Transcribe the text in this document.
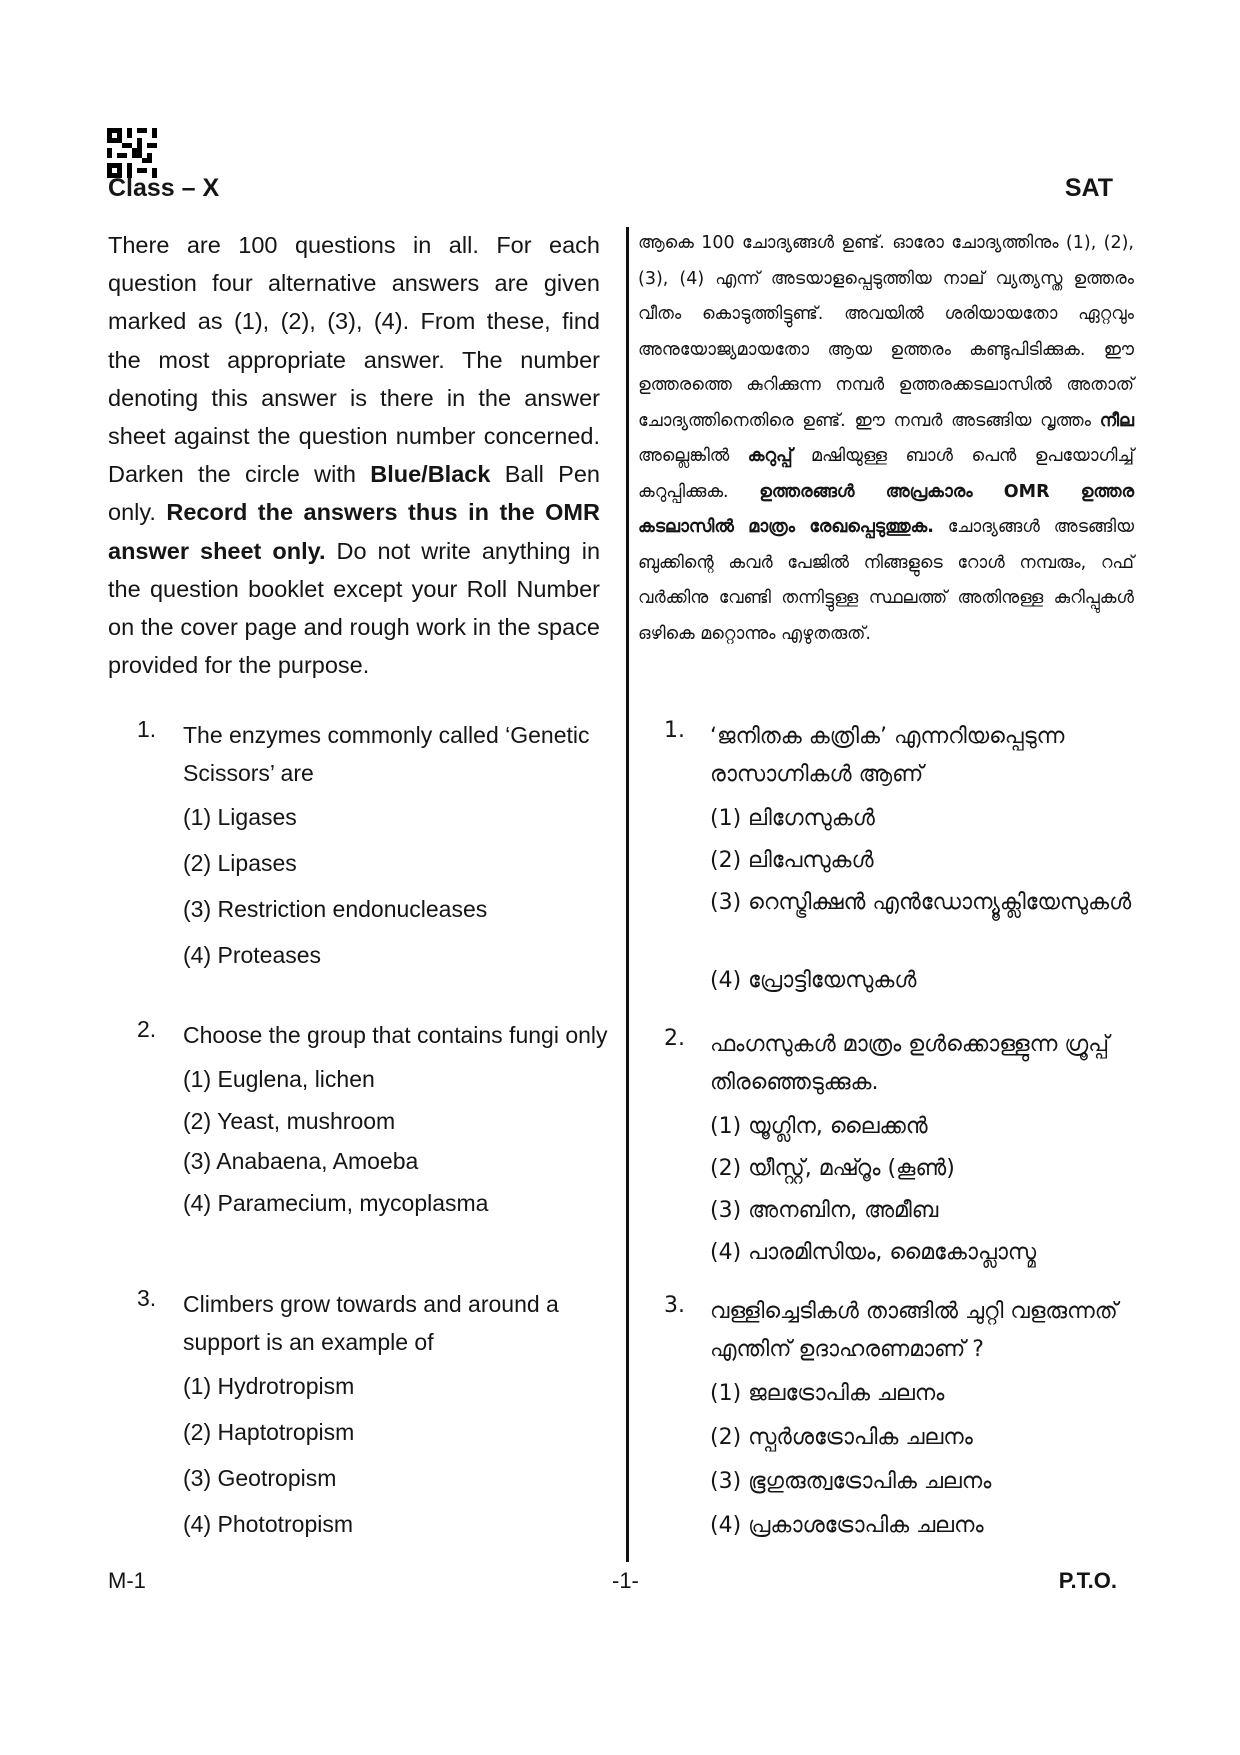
Class – X	SAT

There are 100 questions in all. For each question four alternative answers are given marked as (1), (2), (3), (4). From these, find the most appropriate answer. The number denoting this answer is there in the answer sheet against the question number concerned. Darken the circle with Blue/Black Ball Pen only. Record the answers thus in the OMR answer sheet only. Do not write anything in the question booklet except your Roll Number on the cover page and rough work in the space provided for the purpose.

ആകെ 100 ചോദ്യങ്ങൾ ഉണ്ട്. ഓരോ ചോദ്യത്തിനും (1), (2), (3), (4) എന്ന് അടയാളപ്പെടുത്തിയ നാല് വ്യത്യസ്ത ഉത്തരം വീതം കൊടുത്തിട്ടുണ്ട്. അവയിൽ ശരിയായതോ ഏറ്റവും അനുയോജ്യമായതോ ആയ ഉത്തരം കണ്ടുപിടിക്കുക. ഈ ഉത്തരത്തെ കുറിക്കുന്ന നമ്പർ ഉത്തരക്കടലാസിൽ അതാത് ചോദ്യത്തിനെതിരെ ഉണ്ട്. ഈ നമ്പർ അടങ്ങിയ വൃത്തം നീല അല്ലെങ്കിൽ കറുപ്പ് മഷിയുള്ള ബാൾ പെൻ ഉപയോഗിച്ച് കറുപ്പിക്കുക. ഉത്തരങ്ങൾ അപ്രകാരം OMR ഉത്തര കടലാസിൽ മാത്രം രേഖപ്പെടുത്തുക. ചോദ്യങ്ങൾ അടങ്ങിയ ബുക്കിന്റെ കവർ പേജിൽ നിങ്ങളുടെ റോൾ നമ്പരും, റഫ് വർക്കിനു വേണ്ടി തന്നിട്ടുള്ള സ്ഥലത്ത് അതിനുള്ള കുറിപ്പുകൾ ഒഴികെ മറ്റൊന്നും എഴുതരുത്.

1. The enzymes commonly called ‘Genetic Scissors’ are
(1) Ligases
(2) Lipases
(3) Restriction endonucleases
(4) Proteases
2. Choose the group that contains fungi only
(1) Euglena, lichen
(2) Yeast, mushroom
(3) Anabaena, Amoeba
(4) Paramecium, mycoplasma
3. Climbers grow towards and around a support is an example of
(1) Hydrotropism
(2) Haptotropism
(3) Geotropism
(4) Phototropism
1. ‘ജനിതക കത്രിക’ എന്നറിയപ്പെടുന്ന രാസാഗ്നികൾ ആണ്
(1) ലിഗേസുകൾ
(2) ലിപേസുകൾ
(3) റെസ്ട്രിക്ഷൻ എൻഡോന്യൂക്ലിയേസുകൾ
(4) പ്രോട്ടിയേസുകൾ
2. ഫംഗസുകൾ മാത്രം ഉൾക്കൊള്ളുന്ന ഗ്രൂപ്പ് തിരഞ്ഞെടുക്കുക.
(1) യൂഗ്ലിന, ലൈക്കൻ
(2) യീസ്റ്റ്, മഷ്റൂം (കൂൺ)
(3) അനബിന, അമീബ
(4) പാരമിസിയം, മൈകോപ്ലാസ്മ
3. വള്ളിച്ചെടികൾ താങ്ങിൽ ചുറ്റി വളരുന്നത് എന്തിന് ഉദാഹരണമാണ് ?
(1) ജലട്രോപിക ചലനം
(2) സ്പർശട്രോപിക ചലനം
(3) ഭൂഗുരുത്വട്രോപിക ചലനം
(4) പ്രകാശട്രോപിക ചലനം
M-1	-1-	P.T.O.
